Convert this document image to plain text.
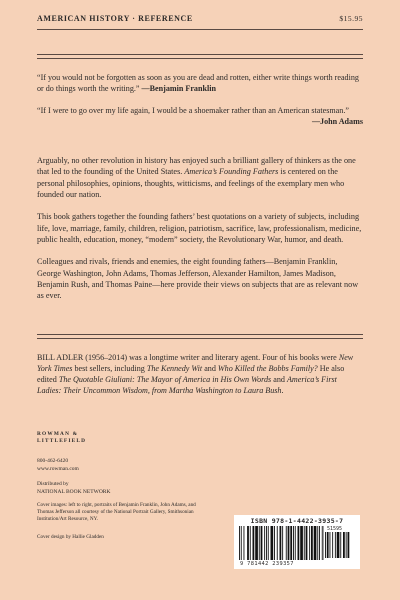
AMERICAN HISTORY · REFERENCE	$15.95

“If you would not be forgotten as soon as you are dead and rotten, either write things worth reading or do things worth the writing.” —Benjamin Franklin

“If I were to go over my life again, I would be a shoemaker rather than an American statesman.”

—John Adams

Arguably, no other revolution in history has enjoyed such a brilliant gallery of thinkers as the one that led to the founding of the United States. America’s Founding Fathers is centered on the personal philosophies, opinions, thoughts, witticisms, and feelings of the exemplary men who founded our nation.

This book gathers together the founding fathers’ best quotations on a variety of subjects, including life, love, marriage, family, children, religion, patriotism, sacrifice, law, professionalism, medicine, public health, education, money, “modern” society, the Revolutionary War, humor, and death.

Colleagues and rivals, friends and enemies, the eight founding fathers—Benjamin Franklin, George Washington, John Adams, Thomas Jefferson, Alexander Hamilton, James Madison, Benjamin Rush, and Thomas Paine—here provide their views on subjects that are as relevant now as ever.

BILL ADLER (1956–2014) was a longtime writer and literary agent. Four of his books were New York Times best sellers, including The Kennedy Wit and Who Killed the Bobbs Family? He also edited The Quotable Giuliani: The Mayor of America in His Own Words and America’s First Ladies: Their Uncommon Wisdom, from Martha Washington to Laura Bush.

ROWMAN &
LITTLEFIELD
800-462-6420
www.rowman.com
Distributed by
NATIONAL BOOK NETWORK

Cover images: left to right, portraits of Benjamin Franklin, John Adams, and Thomas Jefferson all courtesy of the National Portrait Gallery, Smithsonian Institution/Art Resource, NY.

Cover design by Hallie Gladden

ISBN 978-1-4422-3935-7
51595
9 781442 239357
